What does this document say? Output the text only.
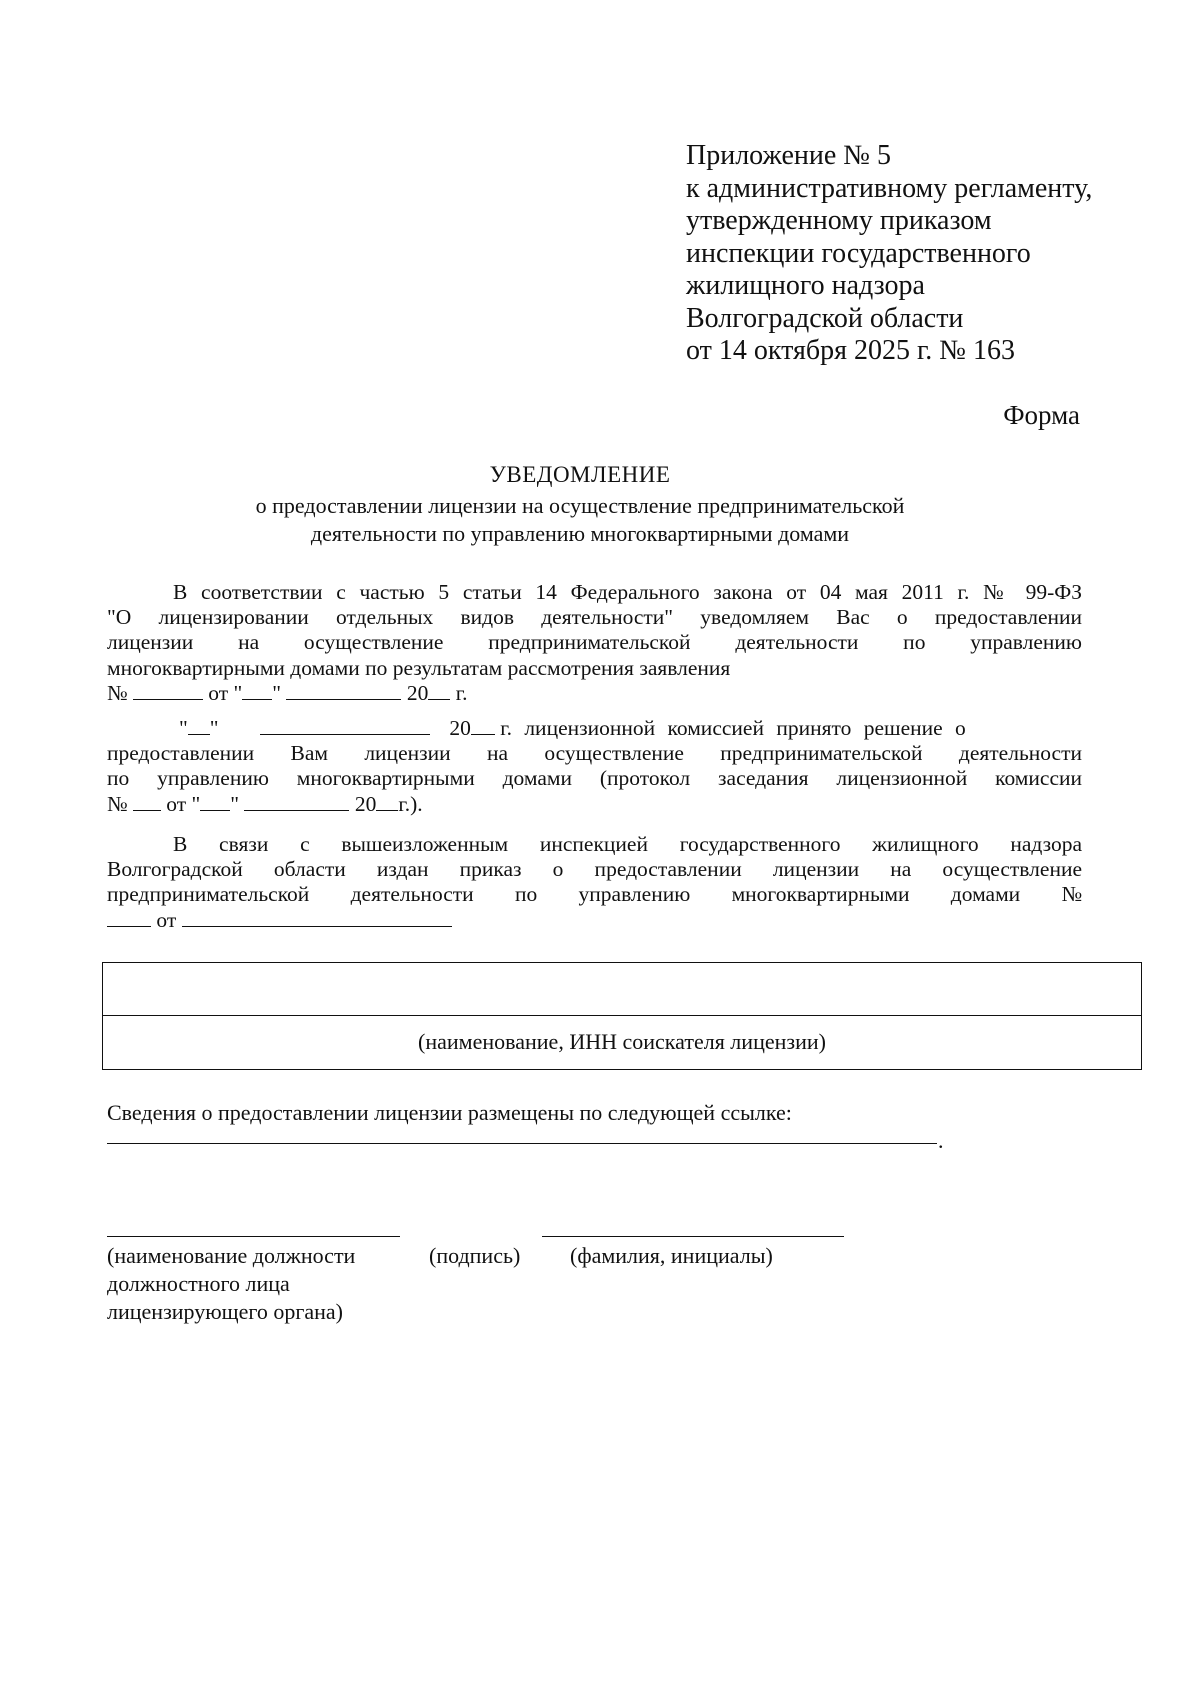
Приложение № 5
к административному регламенту,
утвержденному приказом
инспекции государственного
жилищного надзора
Волгоградской области
от 14 октября 2025 г. № 163
Форма
УВЕДОМЛЕНИЕ
о предоставлении лицензии на осуществление предпринимательской
деятельности по управлению многоквартирными домами
В соответствии с частью 5 статьи 14 Федерального закона от 04 мая 2011 г. № 99-ФЗ
"О лицензировании отдельных видов деятельности" уведомляем Вас о предоставлении
лицензии на осуществление предпринимательской деятельности по управлению
многоквартирными домами по результатам рассмотрения заявления
№	от " "	20 г.
" "	20 г. лицензионной комиссией принято решение о
предоставлении Вам лицензии на осуществление предпринимательской деятельности
по управлению многоквартирными домами (протокол заседания лицензионной комиссии
№ от " "	20 г.).
В связи с вышеизложенным инспекцией государственного жилищного надзора
Волгоградской области издан приказ о предоставлении лицензии на осуществление
предпринимательской деятельности по управлению многоквартирными домами №
от
(наименование, ИНН соискателя лицензии)
Сведения о предоставлении лицензии размещены по следующей ссылке:
.
(наименование должности
должностного лица
лицензирующего органа)
(подпись) (фамилия, инициалы)
